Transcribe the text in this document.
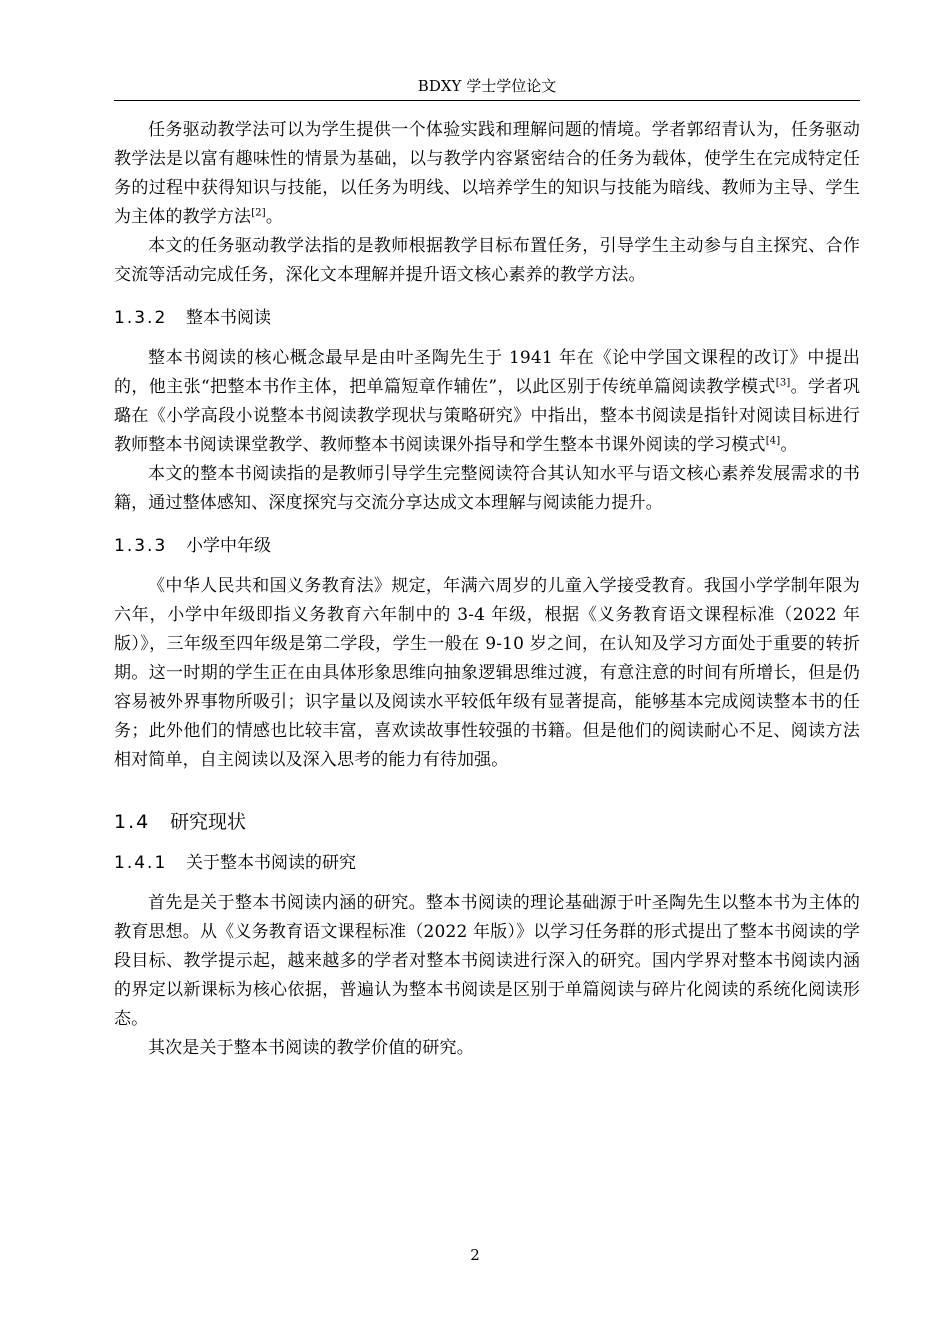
BDXY 学士学位论文

任务驱动教学法可以为学生提供一个体验实践和理解问题的情境。学者郭绍青认为，任务驱动教学法是以富有趣味性的情景为基础，以与教学内容紧密结合的任务为载体，使学生在完成特定任务的过程中获得知识与技能，以任务为明线、以培养学生的知识与技能为暗线、教师为主导、学生为主体的教学方法[2]。

本文的任务驱动教学法指的是教师根据教学目标布置任务，引导学生主动参与自主探究、合作交流等活动完成任务，深化文本理解并提升语文核心素养的教学方法。

1.3.2 整本书阅读

整本书阅读的核心概念最早是由叶圣陶先生于 1941 年在《论中学国文课程的改订》中提出的，他主张“把整本书作主体，把单篇短章作辅佐”，以此区别于传统单篇阅读教学模式[3]。学者巩璐在《小学高段小说整本书阅读教学现状与策略研究》中指出，整本书阅读是指针对阅读目标进行教师整本书阅读课堂教学、教师整本书阅读课外指导和学生整本书课外阅读的学习模式[4]。

本文的整本书阅读指的是教师引导学生完整阅读符合其认知水平与语文核心素养发展需求的书籍，通过整体感知、深度探究与交流分享达成文本理解与阅读能力提升。

1.3.3 小学中年级

《中华人民共和国义务教育法》规定，年满六周岁的儿童入学接受教育。我国小学学制年限为六年，小学中年级即指义务教育六年制中的 3-4 年级，根据《义务教育语文课程标准（2022 年版）》，三年级至四年级是第二学段，学生一般在 9-10 岁之间，在认知及学习方面处于重要的转折期。这一时期的学生正在由具体形象思维向抽象逻辑思维过渡，有意注意的时间有所增长，但是仍容易被外界事物所吸引；识字量以及阅读水平较低年级有显著提高，能够基本完成阅读整本书的任务；此外他们的情感也比较丰富，喜欢读故事性较强的书籍。但是他们的阅读耐心不足、阅读方法相对简单，自主阅读以及深入思考的能力有待加强。

1.4 研究现状
1.4.1 关于整本书阅读的研究

首先是关于整本书阅读内涵的研究。整本书阅读的理论基础源于叶圣陶先生以整本书为主体的教育思想。从《义务教育语文课程标准（2022 年版）》以学习任务群的形式提出了整本书阅读的学段目标、教学提示起，越来越多的学者对整本书阅读进行深入的研究。国内学界对整本书阅读内涵的界定以新课标为核心依据，普遍认为整本书阅读是区别于单篇阅读与碎片化阅读的系统化阅读形态。

其次是关于整本书阅读的教学价值的研究。

2
